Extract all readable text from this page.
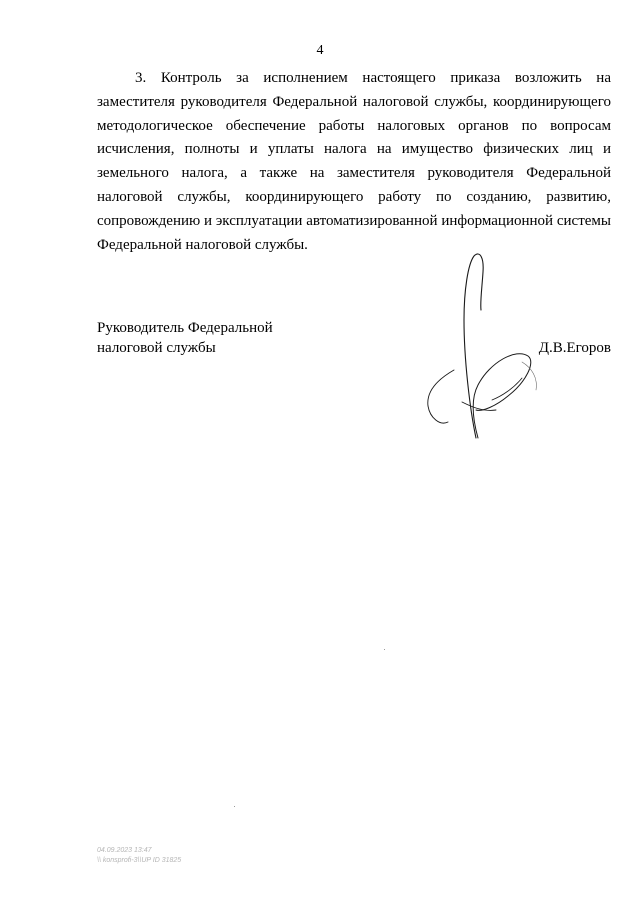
4

3. Контроль за исполнением настоящего приказа возложить на заместителя руководителя Федеральной налоговой службы, координирующего методологическое обеспечение работы налоговых органов по вопросам исчисления, полноты и уплаты налога на имущество физических лиц и земельного налога, а также на заместителя руководителя Федеральной налоговой службы, координирующего работу по созданию, развитию, сопровождению и эксплуатации автоматизированной информационной системы Федеральной налоговой службы.

Руководитель Федеральной
налоговой службы	Д.В.Егоров
04.09.2023 13:47
\\ konsprofi-3\\UP ID 31825
